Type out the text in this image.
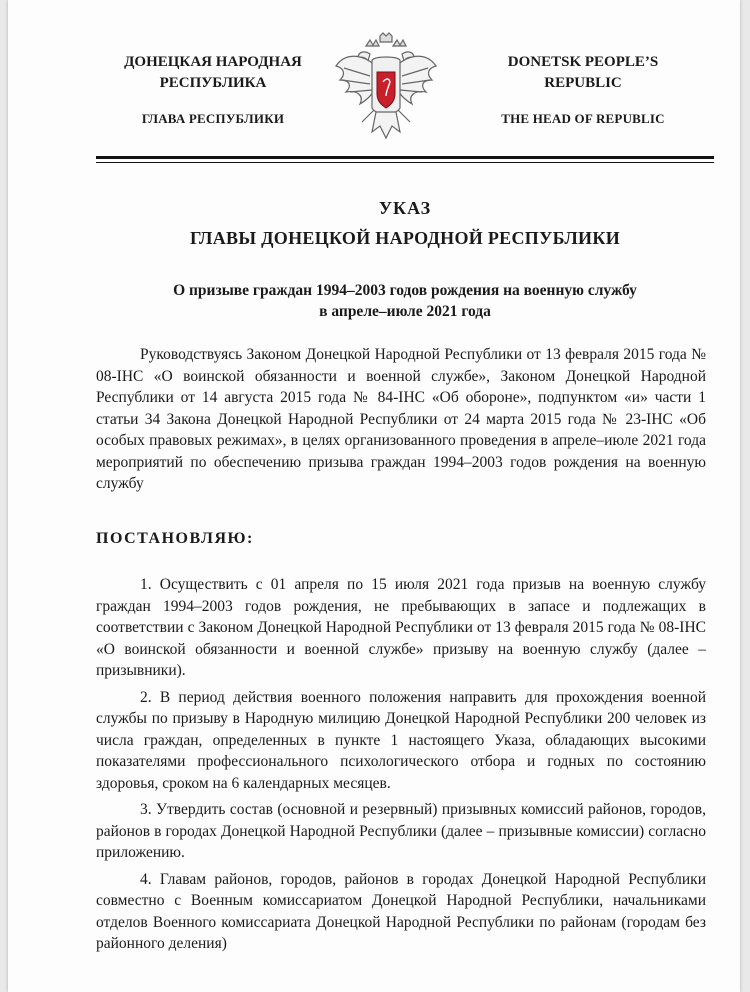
ДОНЕЦКАЯ НАРОДНАЯ
РЕСПУБЛИКА
ГЛАВА РЕСПУБЛИКИ
DONETSK PEOPLE’S
REPUBLIC
THE HEAD OF REPUBLIC
УКАЗ
ГЛАВЫ ДОНЕЦКОЙ НАРОДНОЙ РЕСПУБЛИКИ
О призыве граждан 1994–2003 годов рождения на военную службу
в апреле–июле 2021 года
Руководствуясь Законом Донецкой Народной Республики от 13 февраля 2015 года № 08-IНС «О воинской обязанности и военной службе», Законом Донецкой Народной Республики от 14 августа 2015 года № 84-IНС «Об обороне», подпунктом «и» части 1 статьи 34 Закона Донецкой Народной Республики от 24 марта 2015 года № 23-IНС «Об особых правовых режимах», в целях организованного проведения в апреле–июле 2021 года мероприятий по обеспечению призыва граждан 1994–2003 годов рождения на военную службу
ПОСТАНОВЛЯЮ:

1. Осуществить с 01 апреля по 15 июля 2021 года призыв на военную службу граждан 1994–2003 годов рождения, не пребывающих в запасе и подлежащих в соответствии с Законом Донецкой Народной Республики от 13 февраля 2015 года № 08-IНС «О воинской обязанности и военной службе» призыву на военную службу (далее – призывники).

2. В период действия военного положения направить для прохождения военной службы по призыву в Народную милицию Донецкой Народной Республики 200 человек из числа граждан, определенных в пункте 1 настоящего Указа, обладающих высокими показателями профессионального психологического отбора и годных по состоянию здоровья, сроком на 6 календарных месяцев.

3. Утвердить состав (основной и резервный) призывных комиссий районов, городов, районов в городах Донецкой Народной Республики (далее – призывные комиссии) согласно приложению.

4. Главам районов, городов, районов в городах Донецкой Народной Республики совместно с Военным комиссариатом Донецкой Народной Республики, начальниками отделов Военного комиссариата Донецкой Народной Республики по районам (городам без районного деления)
